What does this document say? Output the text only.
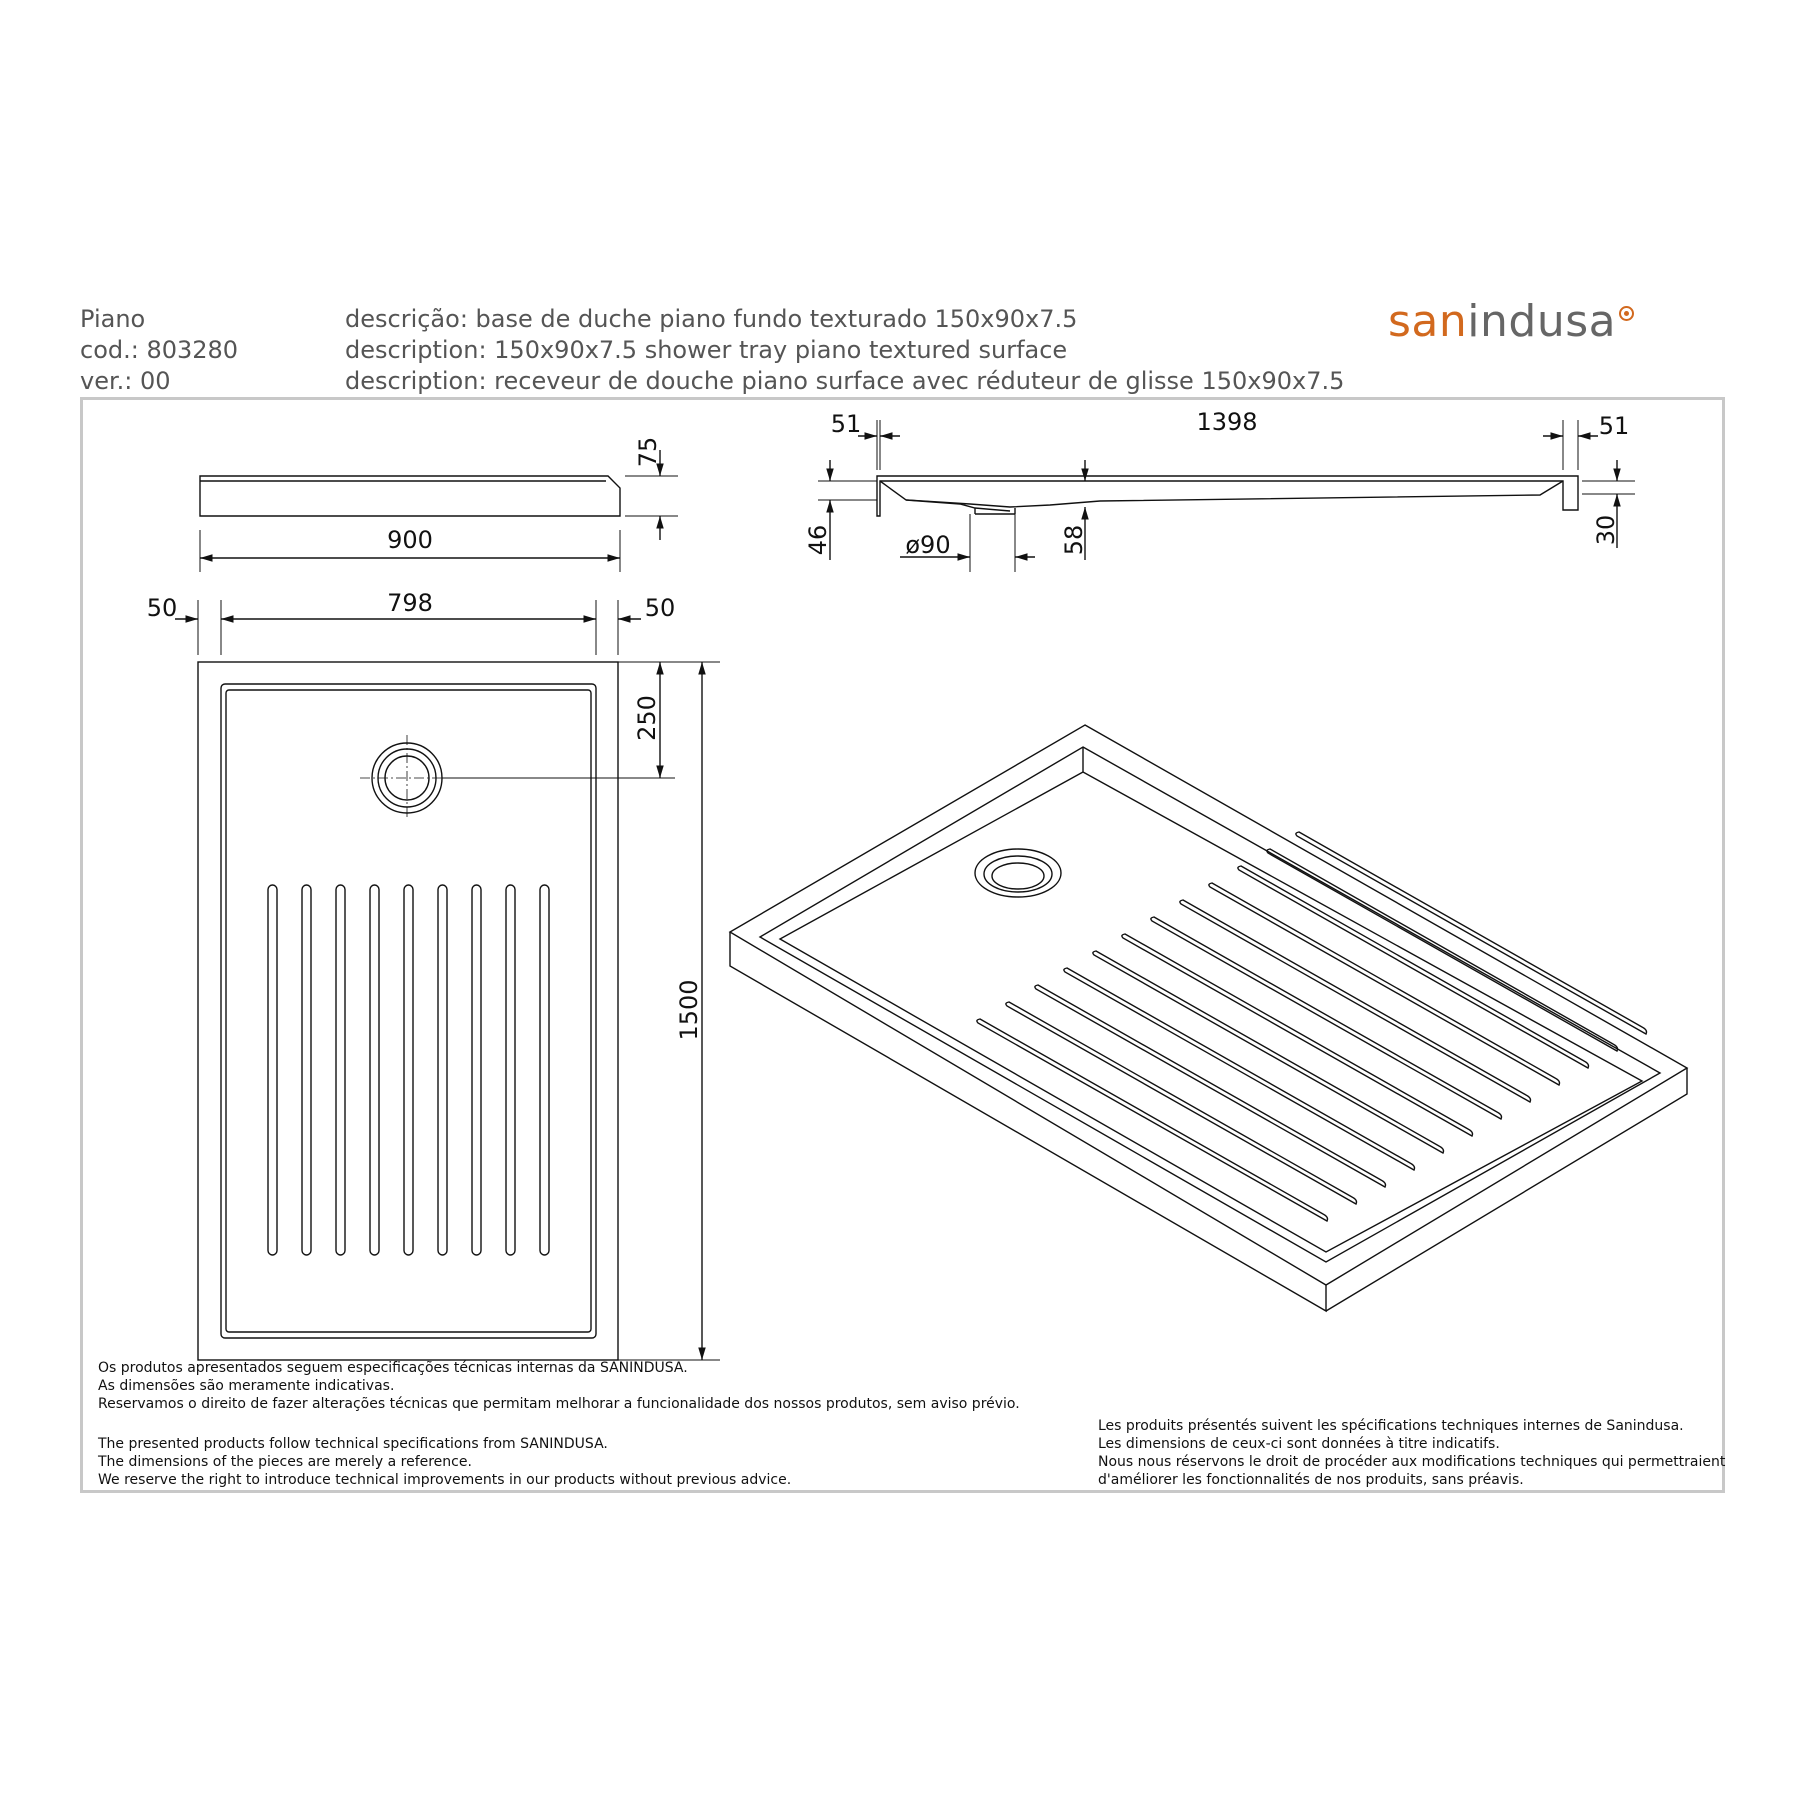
Piano
cod.: 803280
ver.: 00
descrição: base de duche piano fundo texturado 150x90x7.5
description: 150x90x7.5 shower tray piano textured surface
description: receveur de douche piano surface avec réduteur de glisse 150x90x7.5
sanindusa
75
900
51	1398	51
46	ø90	58	30
50	798	50
250
1500
Os produtos apresentados seguem especificações técnicas internas da SANINDUSA.
As dimensões são meramente indicativas.
Reservamos o direito de fazer alterações técnicas que permitam melhorar a funcionalidade dos nossos produtos, sem aviso prévio.
The presented products follow technical specifications from SANINDUSA.
The dimensions of the pieces are merely a reference.
We reserve the right to introduce technical improvements in our products without previous advice.
Les produits présentés suivent les spécifications techniques internes de Sanindusa.
Les dimensions de ceux-ci sont données à titre indicatifs.
Nous nous réservons le droit de procéder aux modifications techniques qui permettraient
d'améliorer les fonctionnalités de nos produits, sans préavis.
